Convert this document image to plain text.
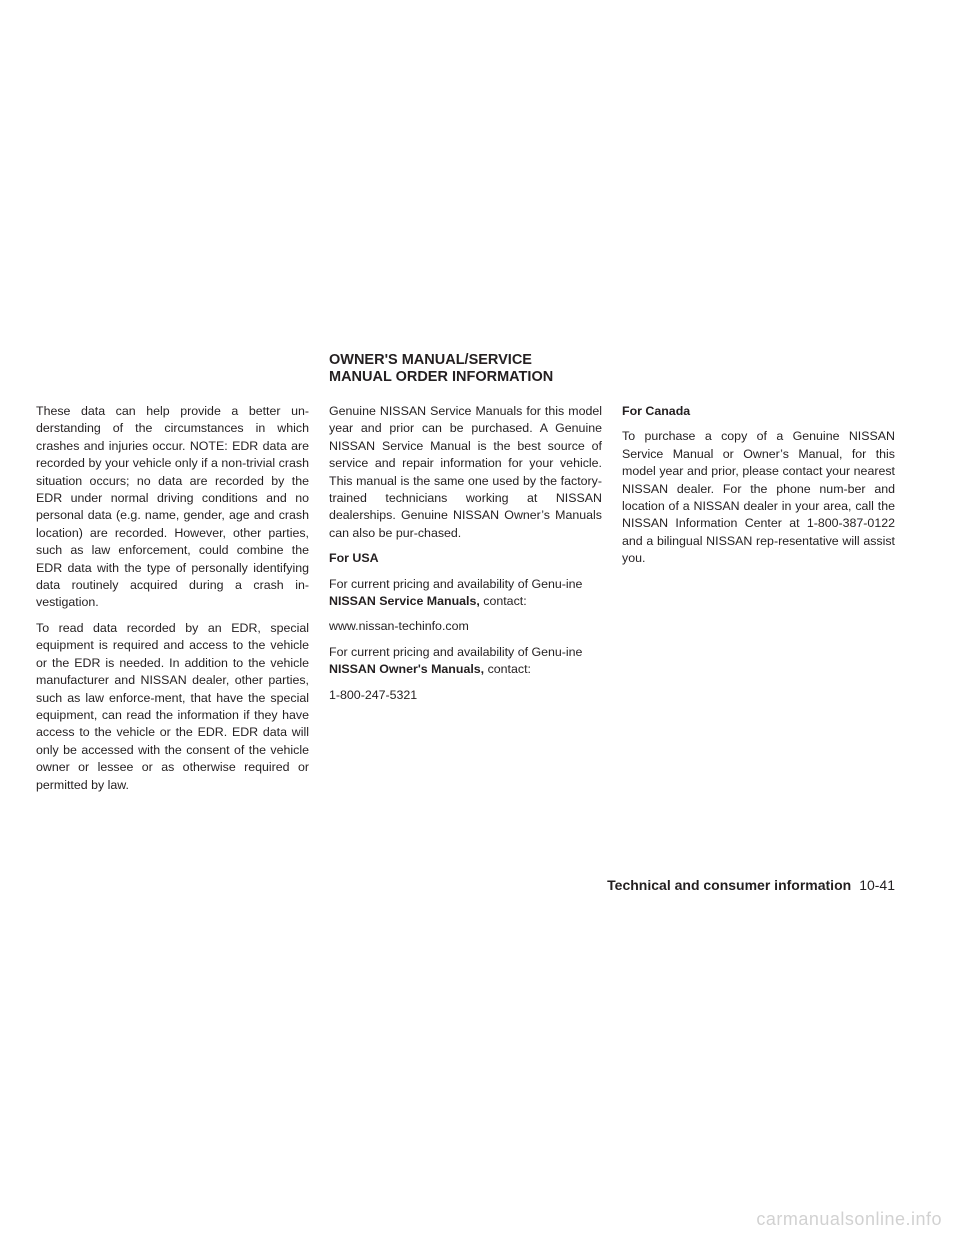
OWNER'S MANUAL/SERVICE
MANUAL ORDER INFORMATION

These data can help provide a better un-derstanding of the circumstances in which crashes and injuries occur. NOTE: EDR data are recorded by your vehicle only if a non-trivial crash situation occurs; no data are recorded by the EDR under normal driving conditions and no personal data (e.g. name, gender, age and crash location) are recorded. However, other parties, such as law enforcement, could combine the EDR data with the type of personally identifying data routinely acquired during a crash in-vestigation.

To read data recorded by an EDR, special equipment is required and access to the vehicle or the EDR is needed. In addition to the vehicle manufacturer and NISSAN dealer, other parties, such as law enforce-ment, that have the special equipment, can read the information if they have access to the vehicle or the EDR. EDR data will only be accessed with the consent of the vehicle owner or lessee or as otherwise required or permitted by law.

Genuine NISSAN Service Manuals for this model year and prior can be purchased. A Genuine NISSAN Service Manual is the best source of service and repair information for your vehicle. This manual is the same one used by the factory-trained technicians working at NISSAN dealerships. Genuine NISSAN Owner’s Manuals can also be pur-chased.

For USA

For current pricing and availability of Genu-ine NISSAN Service Manuals, contact:

www.nissan-techinfo.com

For current pricing and availability of Genu-ine NISSAN Owner's Manuals, contact:

1-800-247-5321

For Canada

To purchase a copy of a Genuine NISSAN Service Manual or Owner’s Manual, for this model year and prior, please contact your nearest NISSAN dealer. For the phone num-ber and location of a NISSAN dealer in your area, call the NISSAN Information Center at 1-800-387-0122 and a bilingual NISSAN rep-resentative will assist you.

Technical and consumer information 10-41
carmanualsonline.info
